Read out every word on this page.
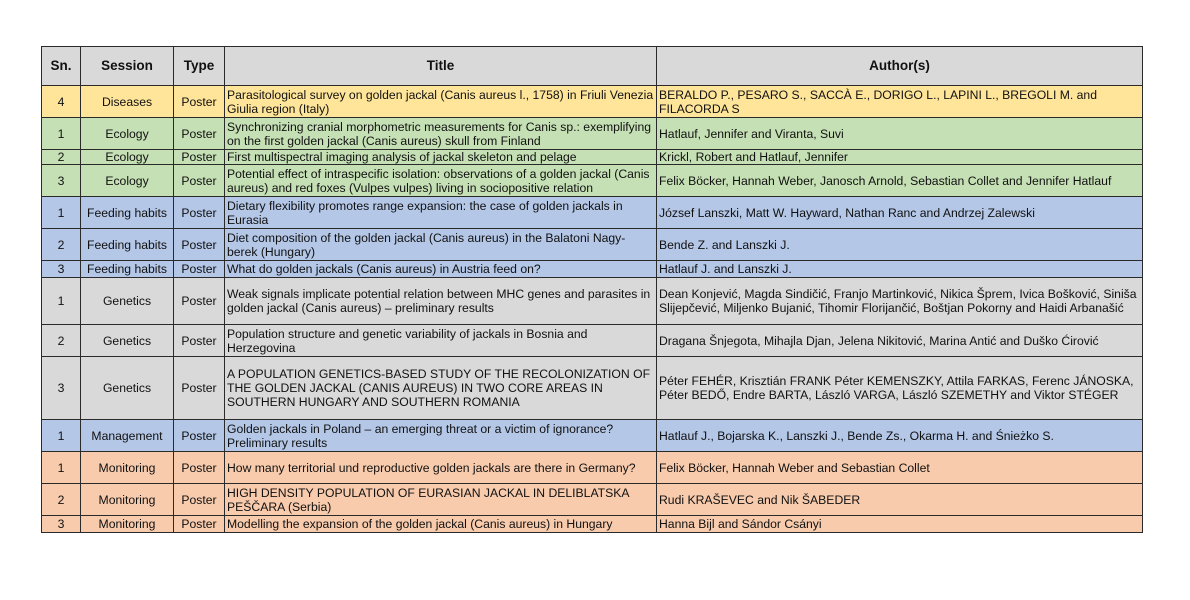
Sn.	Session	Type	Title	Author(s)
4	Diseases	Poster	Parasitological survey on golden jackal (Canis aureus l., 1758) in Friuli Venezia Giulia region (Italy)	BERALDO P., PESARO S., SACCÀ E., DORIGO L., LAPINI L., BREGOLI M. and FILACORDA S
1	Ecology	Poster	Synchronizing cranial morphometric measurements for Canis sp.: exemplifying on the first golden jackal (Canis aureus) skull from Finland	Hatlauf, Jennifer and Viranta, Suvi
2	Ecology	Poster	First multispectral imaging analysis of jackal skeleton and pelage	Krickl, Robert and Hatlauf, Jennifer
3	Ecology	Poster	Potential effect of intraspecific isolation: observations of a golden jackal (Canis aureus) and red foxes (Vulpes vulpes) living in sociopositive relation	Felix Böcker, Hannah Weber, Janosch Arnold, Sebastian Collet and Jennifer Hatlauf
1	Feeding habits	Poster	Dietary flexibility promotes range expansion: the case of golden jackals in Eurasia	József Lanszki, Matt W. Hayward, Nathan Ranc and Andrzej Zalewski
2	Feeding habits	Poster	Diet composition of the golden jackal (Canis aureus) in the Balatoni Nagy-berek (Hungary)	Bende Z. and Lanszki J.
3	Feeding habits	Poster	What do golden jackals (Canis aureus) in Austria feed on?	Hatlauf J. and Lanszki J.
1	Genetics	Poster	Weak signals implicate potential relation between MHC genes and parasites in golden jackal (Canis aureus) – preliminary results	Dean Konjević, Magda Sindičić, Franjo Martinković, Nikica Šprem, Ivica Bošković, Siniša Slijepčević, Miljenko Bujanić, Tihomir Florijančić, Boštjan Pokorny and Haidi Arbanašić
2	Genetics	Poster	Population structure and genetic variability of jackals in Bosnia and Herzegovina	Dragana Šnjegota, Mihajla Djan, Jelena Nikitović, Marina Antić and Duško Ćirović
3	Genetics	Poster	A POPULATION GENETICS-BASED STUDY OF THE RECOLONIZATION OF THE GOLDEN JACKAL (CANIS AUREUS) IN TWO CORE AREAS IN SOUTHERN HUNGARY AND SOUTHERN ROMANIA	Péter FEHÉR, Krisztián FRANK Péter KEMENSZKY, Attila FARKAS, Ferenc JÁNOSKA, Péter BEDŐ, Endre BARTA, László VARGA, László SZEMETHY and Viktor STÉGER
1	Management	Poster	Golden jackals in Poland – an emerging threat or a victim of ignorance? Preliminary results	Hatlauf J., Bojarska K., Lanszki J., Bende Zs., Okarma H. and Śnieżko S.
1	Monitoring	Poster	How many territorial und reproductive golden jackals are there in Germany?	Felix Böcker, Hannah Weber and Sebastian Collet
2	Monitoring	Poster	HIGH DENSITY POPULATION OF EURASIAN JACKAL IN DELIBLATSKA PEŠČARA (Serbia)	Rudi KRAŠEVEC and Nik ŠABEDER
3	Monitoring	Poster	Modelling the expansion of the golden jackal (Canis aureus) in Hungary	Hanna Bijl and Sándor Csányi
